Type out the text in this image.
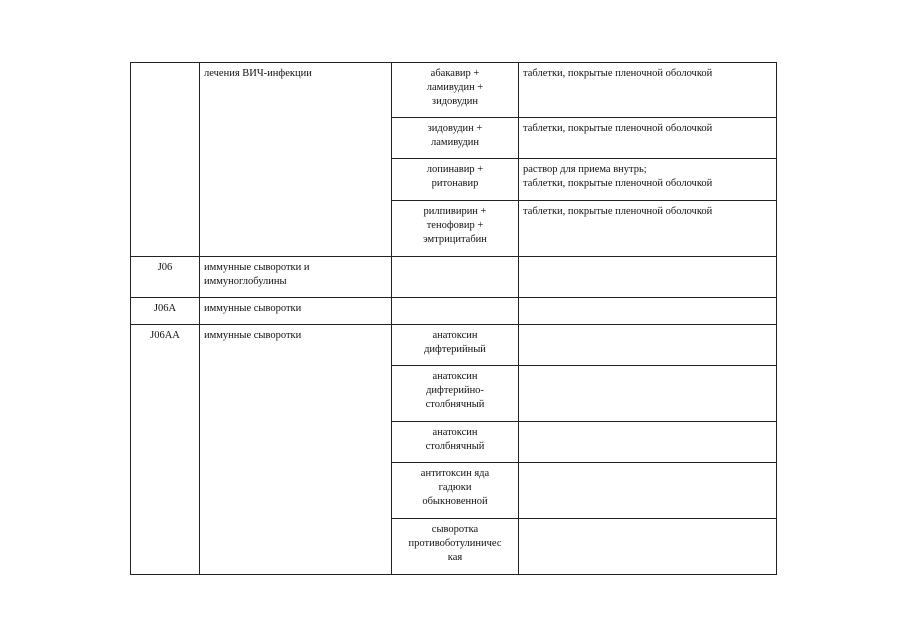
	лечения ВИЧ-инфекции	абакавир +
ламивудин +
зидовудин	таблетки, покрытые пленочной оболочкой

		зидовудин +
ламивудин	таблетки, покрытые пленочной оболочкой

		лопинавир +
ритонавир	раствор для приема внутрь;
таблетки, покрытые пленочной оболочкой

		рилпивирин +
тенофовир +
эмтрицитабин	таблетки, покрытые пленочной оболочкой

J06	иммунные сыворотки и иммуноглобулины		
J06A	иммунные сыворотки		
J06AA	иммунные сыворотки	анатоксин
дифтерийный	

		анатоксин
дифтерийно-
столбнячный	

		анатоксин
столбнячный	

		антитоксин яда
гадюки
обыкновенной	

		сыворотка
противоботулиничес
кая	
